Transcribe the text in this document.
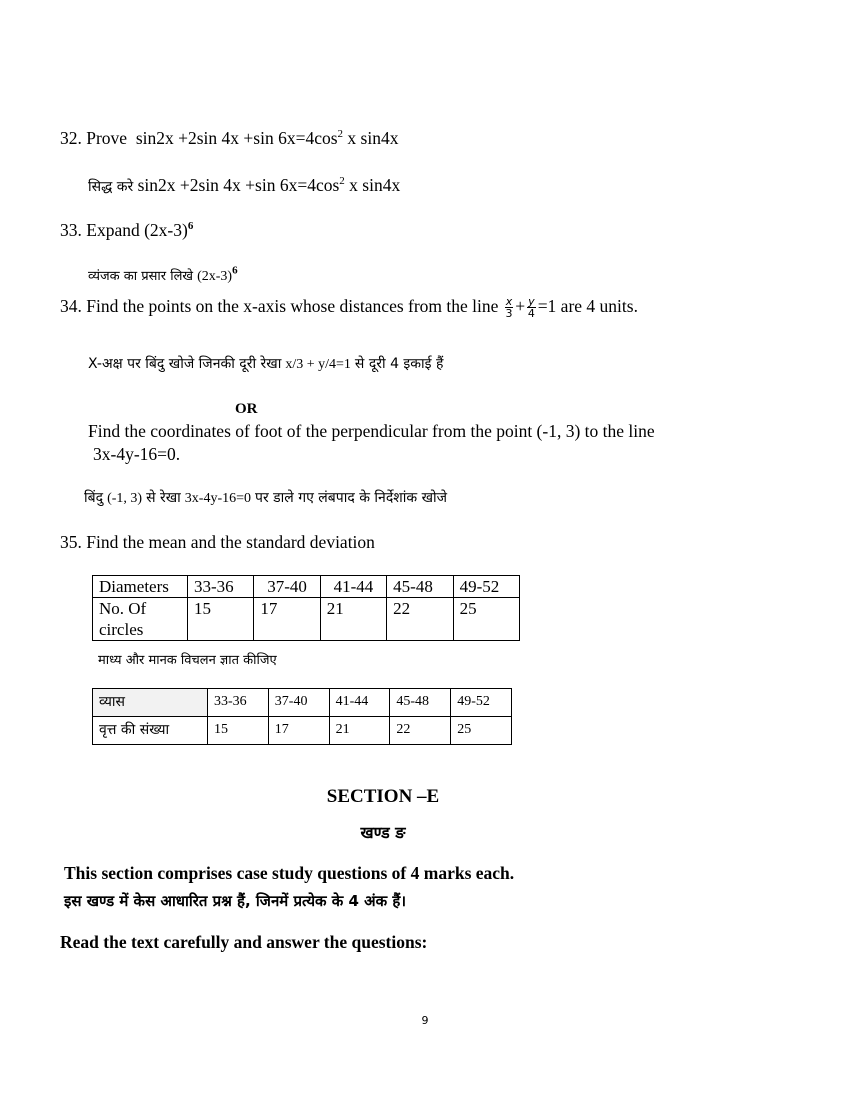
32. Prove sin2x +2sin 4x +sin $6x=4\cos^2$ x sin4x
सिद्ध करे sin2x +2sin 4x +sin $6x=4\cos^2$ x sin4x
33. Expand $(2x-3)^6$
व्यंजक का प्रसार लिखे $(2x-3)^6$
34. Find the points on the x-axis whose distances from the line $\frac{x}{3} + \frac{y}{4} =1$ are 4 units.
X-अक्ष पर बिंदु खोजे जिनकी दूरी रेखा x/3 + y/4=1 से दूरी 4 इकाई हैं
OR
Find the coordinates of foot of the perpendicular from the point (-1, 3) to the line
3x-4y-16=0.
बिंदु (-1, 3) से रेखा 3x-4y-16=0 पर डाले गए लंबपाद के निर्देशांक खोजे
35. Find the mean and the standard deviation
Diameters	33-36	37-40	41-44	45-48	49-52
No. Of
circles	15	17	21	22	25
माध्य और मानक विचलन ज्ञात कीजिए
व्यास	33-36	37-40	41-44	45-48	49-52
वृत्त की संख्या	15	17	21	22	25
SECTION –E
खण्ड ङ
This section comprises case study questions of 4 marks each.
इस खण्ड में केस आधारित प्रश्न हैं, जिनमें प्रत्येक के 4 अंक हैं।
Read the text carefully and answer the questions:
9
